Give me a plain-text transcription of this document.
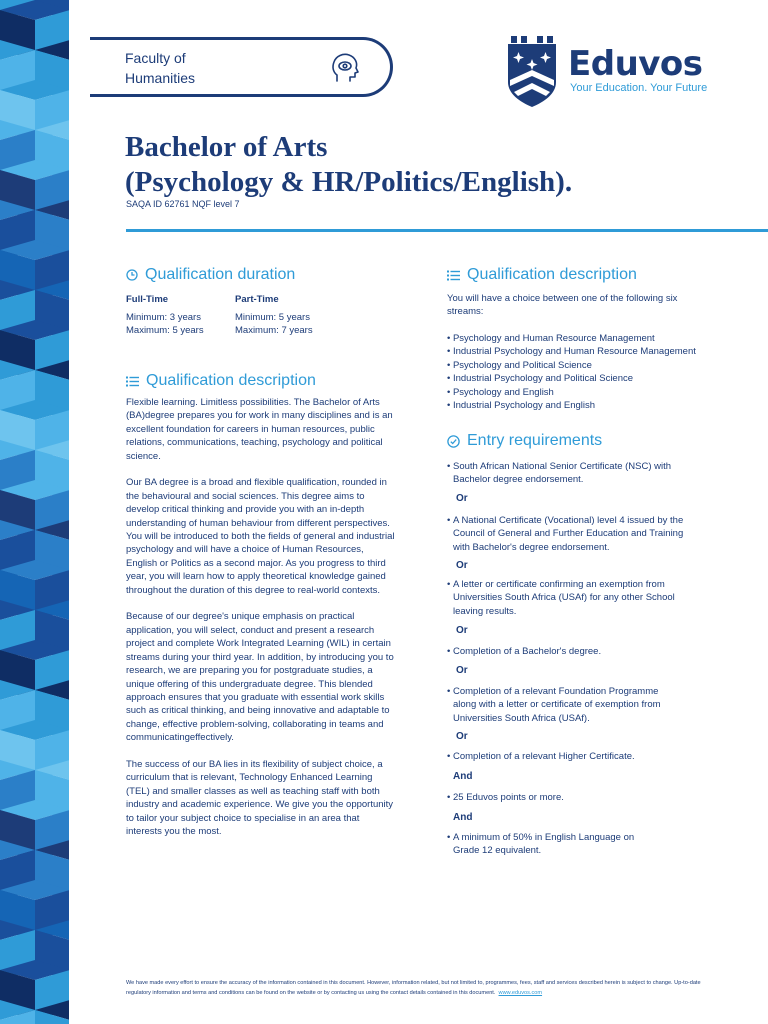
Faculty of
Humanities	Eduvos
Your Education. Your Future
Bachelor of Arts
(Psychology & HR/Politics/English).
SAQA ID 62761 NQF level 7
Qualification duration
Full-Time
Minimum: 3 years
Maximum: 5 years
Part-Time
Minimum: 5 years
Maximum: 7 years
Qualification description

Flexible learning. Limitless possibilities. The Bachelor of Arts (BA)degree prepares you for work in many disciplines and is an excellent foundation for careers in human resources, public relations, communications, teaching, psychology and political science.

Our BA degree is a broad and flexible qualification, rounded in the behavioural and social sciences. This degree aims to develop critical thinking and provide you with an in-depth understanding of human behaviour from different perspectives. You will be introduced to both the fields of general and industrial psychology and will have a choice of Human Resources, English or Politics as a second major. As you progress to third year, you will learn how to apply theoretical knowledge gained throughout the duration of this degree to real-world contexts.

Because of our degree's unique emphasis on practical application, you will select, conduct and present a research project and complete Work Integrated Learning (WIL) in certain streams during your third year. In addition, by introducing you to research, we are preparing you for postgraduate studies, a unique offering of this undergraduate degree. This blended approach ensures that you graduate with essential work skills such as critical thinking, and being innovative and adaptable to change, effective problem-solving, collaborating in teams and communicatingeffectively.

The success of our BA lies in its flexibility of subject choice, a curriculum that is relevant, Technology Enhanced Learning (TEL) and smaller classes as well as teaching staff with both industry and academic experience. We give you the opportunity to tailor your subject choice to specialise in an area that interests you the most.

Qualification description
You will have a choice between one of the following six streams:
• Psychology and Human Resource Management
• Industrial Psychology and Human Resource Management
• Psychology and Political Science
• Industrial Psychology and Political Science
• Psychology and English
• Industrial Psychology and English
Entry requirements
• South African National Senior Certificate (NSC) with Bachelor degree endorsement.
Or
• A National Certificate (Vocational) level 4 issued by the Council of General and Further Education and Training with Bachelor's degree endorsement.
Or
• A letter or certificate confirming an exemption from Universities South Africa (USAf) for any other School leaving results.
Or
• Completion of a Bachelor's degree.
Or
• Completion of a relevant Foundation Programme along with a letter or certificate of exemption from Universities South Africa (USAf).
Or
• Completion of a relevant Higher Certificate.
And
• 25 Eduvos points or more.
And
• A minimum of 50% in English Language on Grade 12 equivalent.
We have made every effort to ensure the accuracy of the information contained in this document. However, information related, but not limited to, programmes, fees, staff and services described herein is subject to change. Up-to-date regulatory information and terms and conditions can be found on the website or by contacting us using the contact details contained in this document. www.eduvos.com
